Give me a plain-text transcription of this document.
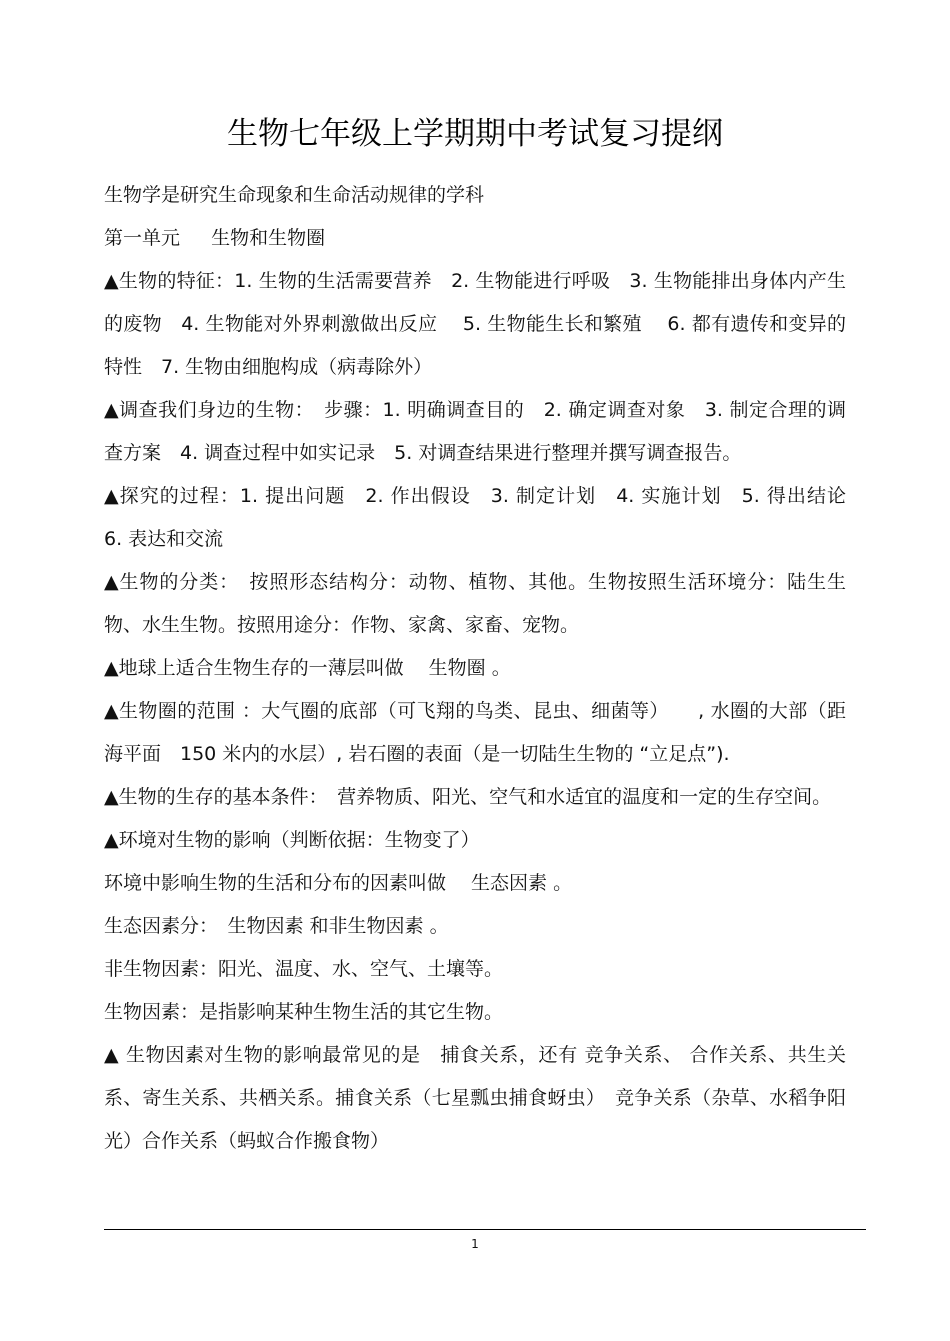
生物七年级上学期期中考试复习提纲

生物学是研究生命现象和生命活动规律的学科

第一单元 　 生物和生物圈

▲生物的特征：1. 生物的生活需要营养　2. 生物能进行呼吸　3. 生物能排出身体内产生的废物　4. 生物能对外界刺激做出反应　 5. 生物能生长和繁殖　 6. 都有遗传和变异的特性　7. 生物由细胞构成（病毒除外）

▲调查我们身边的生物：　步骤：1. 明确调查目的　2. 确定调查对象　3. 制定合理的调查方案　4. 调查过程中如实记录　5. 对调查结果进行整理并撰写调查报告。

▲探究的过程：1. 提出问题　2. 作出假设　3. 制定计划　4. 实施计划　5. 得出结论　6. 表达和交流

▲生物的分类：　按照形态结构分：动物、植物、其他。生物按照生活环境分：陆生生物、水生生物。按照用途分：作物、家禽、家畜、宠物。

▲地球上适合生物生存的一薄层叫做　 生物圈 。

▲生物圈的范围 ：大气圈的底部（可飞翔的鸟类、昆虫、细菌等）　　, 水圈的大部（距海平面　150 米内的水层）, 岩石圈的表面（是一切陆生生物的 “立足点”).

▲生物的生存的基本条件：　营养物质、阳光、空气和水适宜的温度和一定的生存空间。

▲环境对生物的影响（判断依据：生物变了）

环境中影响生物的生活和分布的因素叫做　 生态因素 。

生态因素分：　生物因素 和非生物因素 。

非生物因素：阳光、温度、水、空气、土壤等。

生物因素：是指影响某种生物生活的其它生物。

▲ 生物因素对生物的影响最常见的是　捕食关系，还有 竞争关系、 合作关系、共生关系、寄生关系、共栖关系。捕食关系（七星瓢虫捕食蚜虫）　竞争关系（杂草、水稻争阳光）合作关系（蚂蚁合作搬食物）

1
